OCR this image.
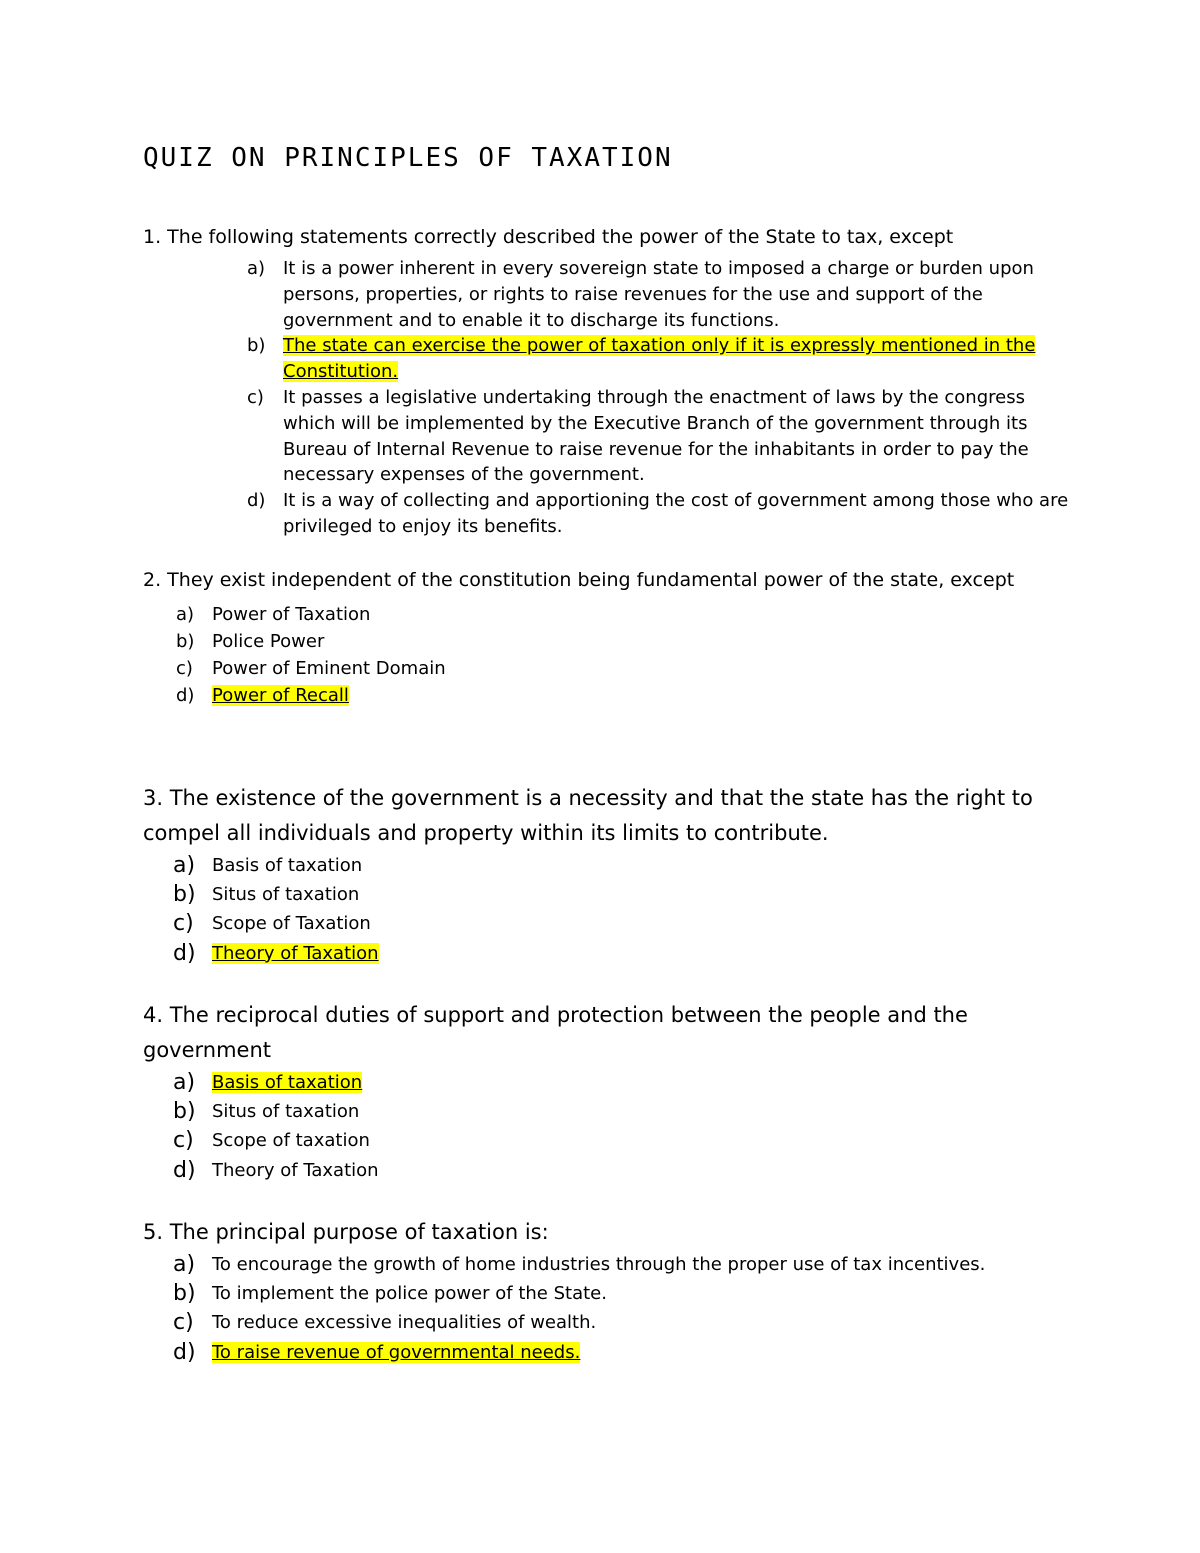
QUIZ ON PRINCIPLES OF TAXATION

1. The following statements correctly described the power of the State to tax, except

a) It is a power inherent in every sovereign state to imposed a charge or burden upon persons, properties, or rights to raise revenues for the use and support of the government and to enable it to discharge its functions.
b) The state can exercise the power of taxation only if it is expressly mentioned in the Constitution.
c) It passes a legislative undertaking through the enactment of laws by the congress which will be implemented by the Executive Branch of the government through its Bureau of Internal Revenue to raise revenue for the inhabitants in order to pay the necessary expenses of the government.
d) It is a way of collecting and apportioning the cost of government among those who are privileged to enjoy its benefits.

2. They exist independent of the constitution being fundamental power of the state, except

a) Power of Taxation
b) Police Power
c) Power of Eminent Domain
d) Power of Recall

3. The existence of the government is a necessity and that the state has the right to compel all individuals and property within its limits to contribute.

a) Basis of taxation
b) Situs of taxation
c) Scope of Taxation
d) Theory of Taxation

4. The reciprocal duties of support and protection between the people and the government

a) Basis of taxation
b) Situs of taxation
c) Scope of taxation
d) Theory of Taxation

5. The principal purpose of taxation is:

a) To encourage the growth of home industries through the proper use of tax incentives.
b) To implement the police power of the State.
c) To reduce excessive inequalities of wealth.
d) To raise revenue of governmental needs.
